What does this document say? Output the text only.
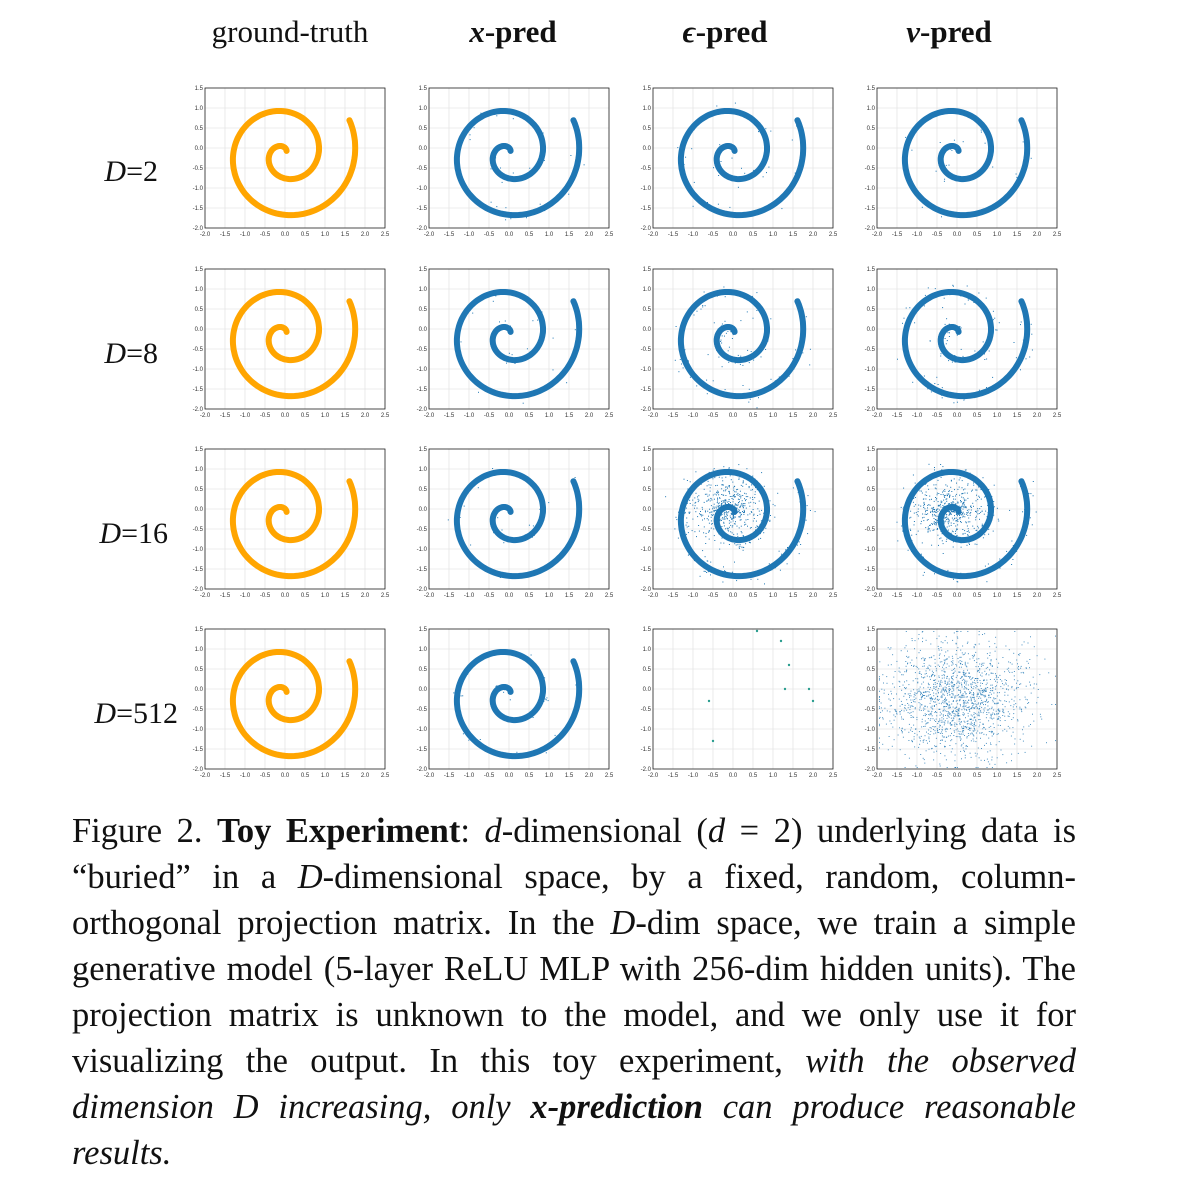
ground-truth	x-pred	ϵ-pred	v-pred
D=2
D=8
D=16
D=512
-2.0 -1.5 -1.0 -0.5 0.0 0.5 1.0 1.5 2.0 2.5
1.5
1.0
0.5
0.0
-0.5
-1.0
-1.5
-2.0
-2.0 -1.5 -1.0 -0.5 0.0 0.5 1.0 1.5 2.0 2.5
1.5
1.0
0.5
0.0
-0.5
-1.0
-1.5
-2.0
-2.0 -1.5 -1.0 -0.5 0.0 0.5 1.0 1.5 2.0 2.5
1.5
1.0
0.5
0.0
-0.5
-1.0
-1.5
-2.0
-2.0 -1.5 -1.0 -0.5 0.0 0.5 1.0 1.5 2.0 2.5
1.5
1.0
0.5
0.0
-0.5
-1.0
-1.5
-2.0
-2.0 -1.5 -1.0 -0.5 0.0 0.5 1.0 1.5 2.0 2.5
1.5
1.0
0.5
0.0
-0.5
-1.0
-1.5
-2.0
-2.0 -1.5 -1.0 -0.5 0.0 0.5 1.0 1.5 2.0 2.5
1.5
1.0
0.5
0.0
-0.5
-1.0
-1.5
-2.0
-2.0 -1.5 -1.0 -0.5 0.0 0.5 1.0 1.5 2.0 2.5
1.5
1.0
0.5
0.0
-0.5
-1.0
-1.5
-2.0
-2.0 -1.5 -1.0 -0.5 0.0 0.5 1.0 1.5 2.0 2.5
1.5
1.0
0.5
0.0
-0.5
-1.0
-1.5
-2.0
-2.0 -1.5 -1.0 -0.5 0.0 0.5 1.0 1.5 2.0 2.5
1.5
1.0
0.5
0.0
-0.5
-1.0
-1.5
-2.0
-2.0 -1.5 -1.0 -0.5 0.0 0.5 1.0 1.5 2.0 2.5
1.5
1.0
0.5
0.0
-0.5
-1.0
-1.5
-2.0
-2.0 -1.5 -1.0 -0.5 0.0 0.5 1.0 1.5 2.0 2.5
1.5
1.0
0.5
0.0
-0.5
-1.0
-1.5
-2.0
-2.0 -1.5 -1.0 -0.5 0.0 0.5 1.0 1.5 2.0 2.5
1.5
1.0
0.5
0.0
-0.5
-1.0
-1.5
-2.0
-2.0 -1.5 -1.0 -0.5 0.0 0.5 1.0 1.5 2.0 2.5
1.5
1.0
0.5
0.0
-0.5
-1.0
-1.5
-2.0
-2.0 -1.5 -1.0 -0.5 0.0 0.5 1.0 1.5 2.0 2.5
1.5
1.0
0.5
0.0
-0.5
-1.0
-1.5
-2.0
-2.0 -1.5 -1.0 -0.5 0.0 0.5 1.0 1.5 2.0 2.5
1.5
1.0
0.5
0.0
-0.5
-1.0
-1.5
-2.0
-2.0 -1.5 -1.0 -0.5 0.0 0.5 1.0 1.5 2.0 2.5
1.5
1.0
0.5
0.0
-0.5
-1.0
-1.5
-2.0
Figure 2. Toy Experiment: d-dimensional (d = 2) underlying data is “buried” in a D-dimensional space, by a fixed, random, column-orthogonal projection matrix. In the D-dim space, we train a simple generative model (5-layer ReLU MLP with 256-dim hidden units). The projection matrix is unknown to the model, and we only use it for visualizing the output. In this toy experiment, with the observed dimension D increasing, only x-prediction can produce reasonable results.
